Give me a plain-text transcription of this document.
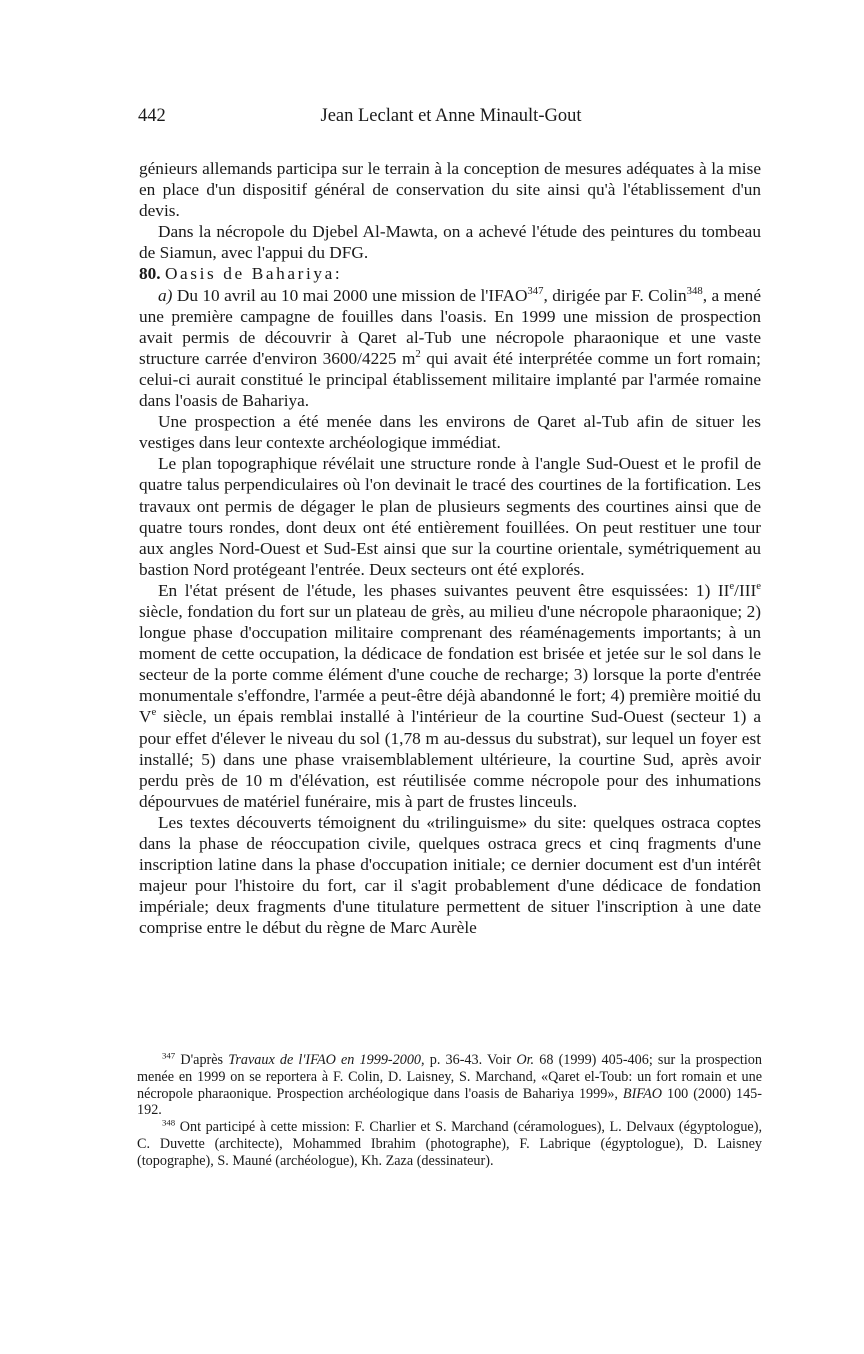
442	Jean Leclant et Anne Minault-Gout

génieurs allemands participa sur le terrain à la conception de mesures adéquates à la mise en place d'un dispositif général de conservation du site ainsi qu'à l'établissement d'un devis.

Dans la nécropole du Djebel Al-Mawta, on a achevé l'étude des peintures du tombeau de Siamun, avec l'appui du DFG.

80. Oasis de Bahariya:

a) Du 10 avril au 10 mai 2000 une mission de l'IFAO$^{347}$, dirigée par F. Colin$^{348}$, a mené une première campagne de fouilles dans l'oasis. En 1999 une mission de prospection avait permis de découvrir à Qaret al-Tub une nécropole pharaonique et une vaste structure carrée d'environ 3600/4225 $m^2$ qui avait été interprétée comme un fort romain; celui-ci aurait constitué le principal établissement militaire implanté par l'armée romaine dans l'oasis de Bahariya.

Une prospection a été menée dans les environs de Qaret al-Tub afin de situer les vestiges dans leur contexte archéologique immédiat.

Le plan topographique révélait une structure ronde à l'angle Sud-Ouest et le profil de quatre talus perpendiculaires où l'on devinait le tracé des courtines de la fortification. Les travaux ont permis de dégager le plan de plusieurs segments des courtines ainsi que de quatre tours rondes, dont deux ont été entièrement fouillées. On peut restituer une tour aux angles Nord-Ouest et Sud-Est ainsi que sur la courtine orientale, symétriquement au bastion Nord protégeant l'entrée. Deux secteurs ont été explorés.

En l'état présent de l'étude, les phases suivantes peuvent être esquissées: 1) IIe/IIIe siècle, fondation du fort sur un plateau de grès, au milieu d'une nécropole pharaonique; 2) longue phase d'occupation militaire comprenant des réaménagements importants; à un moment de cette occupation, la dédicace de fondation est brisée et jetée sur le sol dans le secteur de la porte comme élément d'une couche de recharge; 3) lorsque la porte d'entrée monumentale s'effondre, l'armée a peut-être déjà abandonné le fort; 4) première moitié du Ve siècle, un épais remblai installé à l'intérieur de la courtine Sud-Ouest (secteur 1) a pour effet d'élever le niveau du sol (1,78 m au-dessus du substrat), sur lequel un foyer est installé; 5) dans une phase vraisemblablement ultérieure, la courtine Sud, après avoir perdu près de 10 m d'élévation, est réutilisée comme nécropole pour des inhumations dépourvues de matériel funéraire, mis à part de frustes linceuls.

Les textes découverts témoignent du «trilinguisme» du site: quelques ostraca coptes dans la phase de réoccupation civile, quelques ostraca grecs et cinq fragments d'une inscription latine dans la phase d'occupation initiale; ce dernier document est d'un intérêt majeur pour l'histoire du fort, car il s'agit probablement d'une dédicace de fondation impériale; deux fragments d'une titulature permettent de situer l'inscription à une date comprise entre le début du règne de Marc Aurèle

$^{347}$ D'après Travaux de l'IFAO en 1999-2000, p. 36-43. Voir Or. 68 (1999) 405-406; sur la prospection menée en 1999 on se reportera à F. Colin, D. Laisney, S. Marchand, «Qaret el-Toub: un fort romain et une nécropole pharaonique. Prospection archéologique dans l'oasis de Bahariya 1999», BIFAO 100 (2000) 145-192.

$^{348}$ Ont participé à cette mission: F. Charlier et S. Marchand (céramologues), L. Delvaux (égyptologue), C. Duvette (architecte), Mohammed Ibrahim (photographe), F. Labrique (égyptologue), D. Laisney (topographe), S. Mauné (archéologue), Kh. Zaza (dessinateur).
